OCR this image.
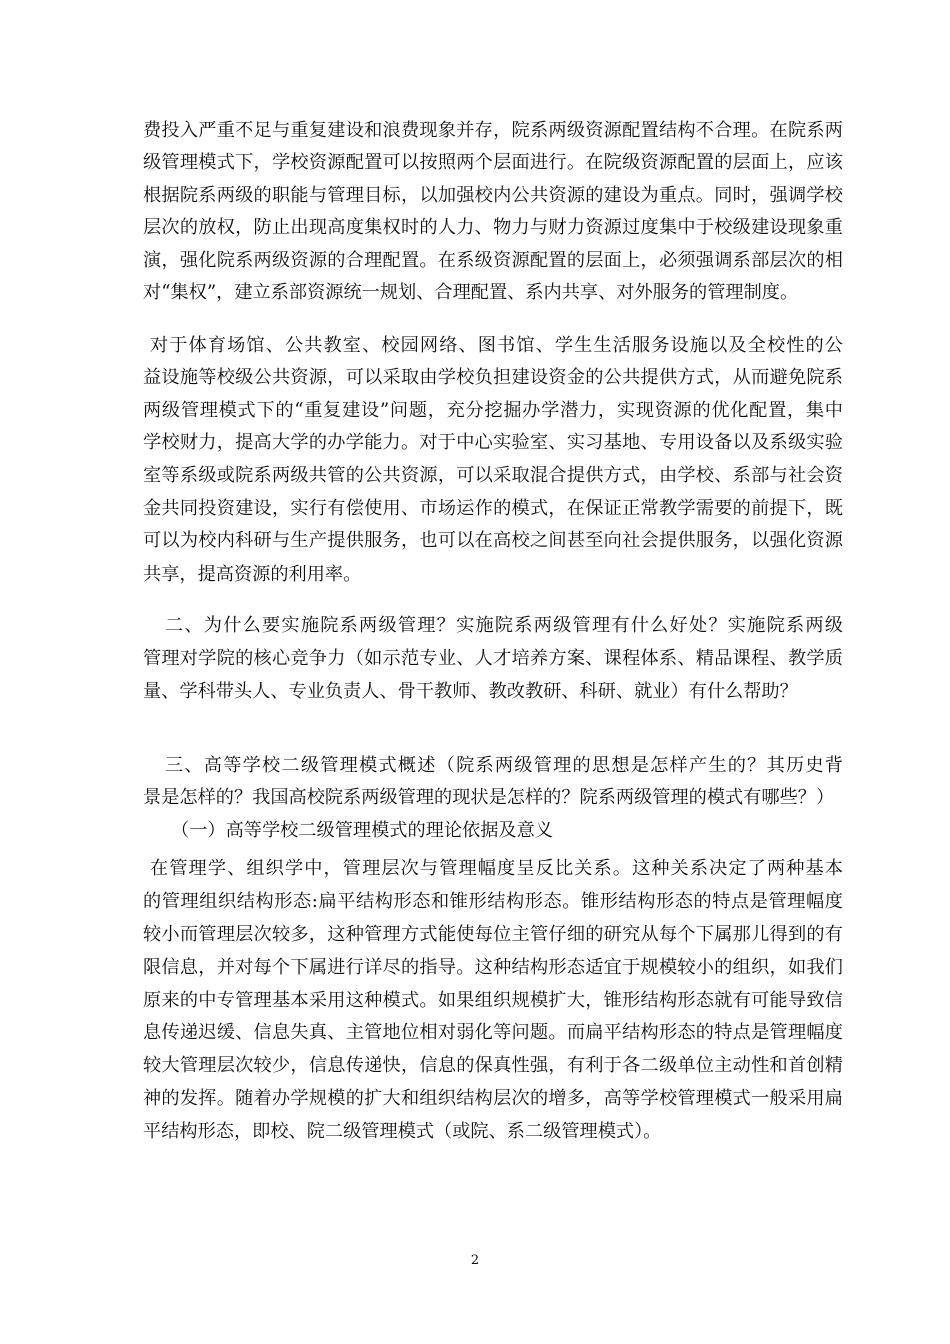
费投入严重不足与重复建设和浪费现象并存，院系两级资源配置结构不合理。在院系两
级管理模式下，学校资源配置可以按照两个层面进行。在院级资源配置的层面上，应该
根据院系两级的职能与管理目标，以加强校内公共资源的建设为重点。同时，强调学校
层次的放权，防止出现高度集权时的人力、物力与财力资源过度集中于校级建设现象重
演，强化院系两级资源的合理配置。在系级资源配置的层面上，必须强调系部层次的相
对“集权”，建立系部资源统一规划、合理配置、系内共享、对外服务的管理制度。
对于体育场馆、公共教室、校园网络、图书馆、学生生活服务设施以及全校性的公
益设施等校级公共资源，可以采取由学校负担建设资金的公共提供方式，从而避免院系
两级管理模式下的“重复建设”问题，充分挖掘办学潜力，实现资源的优化配置，集中
学校财力，提高大学的办学能力。对于中心实验室、实习基地、专用设备以及系级实验
室等系级或院系两级共管的公共资源，可以采取混合提供方式，由学校、系部与社会资
金共同投资建设，实行有偿使用、市场运作的模式，在保证正常教学需要的前提下，既
可以为校内科研与生产提供服务，也可以在高校之间甚至向社会提供服务，以强化资源
共享，提高资源的利用率。
二、为什么要实施院系两级管理？实施院系两级管理有什么好处？实施院系两级
管理对学院的核心竞争力（如示范专业、人才培养方案、课程体系、精品课程、教学质
量、学科带头人、专业负责人、骨干教师、教改教研、科研、就业）有什么帮助？
三、高等学校二级管理模式概述（院系两级管理的思想是怎样产生的？其历史背
景是怎样的？我国高校院系两级管理的现状是怎样的？院系两级管理的模式有哪些？）
（一）高等学校二级管理模式的理论依据及意义
在管理学、组织学中，管理层次与管理幅度呈反比关系。这种关系决定了两种基本
的管理组织结构形态:扁平结构形态和锥形结构形态。锥形结构形态的特点是管理幅度
较小而管理层次较多，这种管理方式能使每位主管仔细的研究从每个下属那儿得到的有
限信息，并对每个下属进行详尽的指导。这种结构形态适宜于规模较小的组织，如我们
原来的中专管理基本采用这种模式。如果组织规模扩大，锥形结构形态就有可能导致信
息传递迟缓、信息失真、主管地位相对弱化等问题。而扁平结构形态的特点是管理幅度
较大管理层次较少，信息传递快，信息的保真性强，有利于各二级单位主动性和首创精
神的发挥。随着办学规模的扩大和组织结构层次的增多，高等学校管理模式一般采用扁
平结构形态，即校、院二级管理模式（或院、系二级管理模式）。
2
